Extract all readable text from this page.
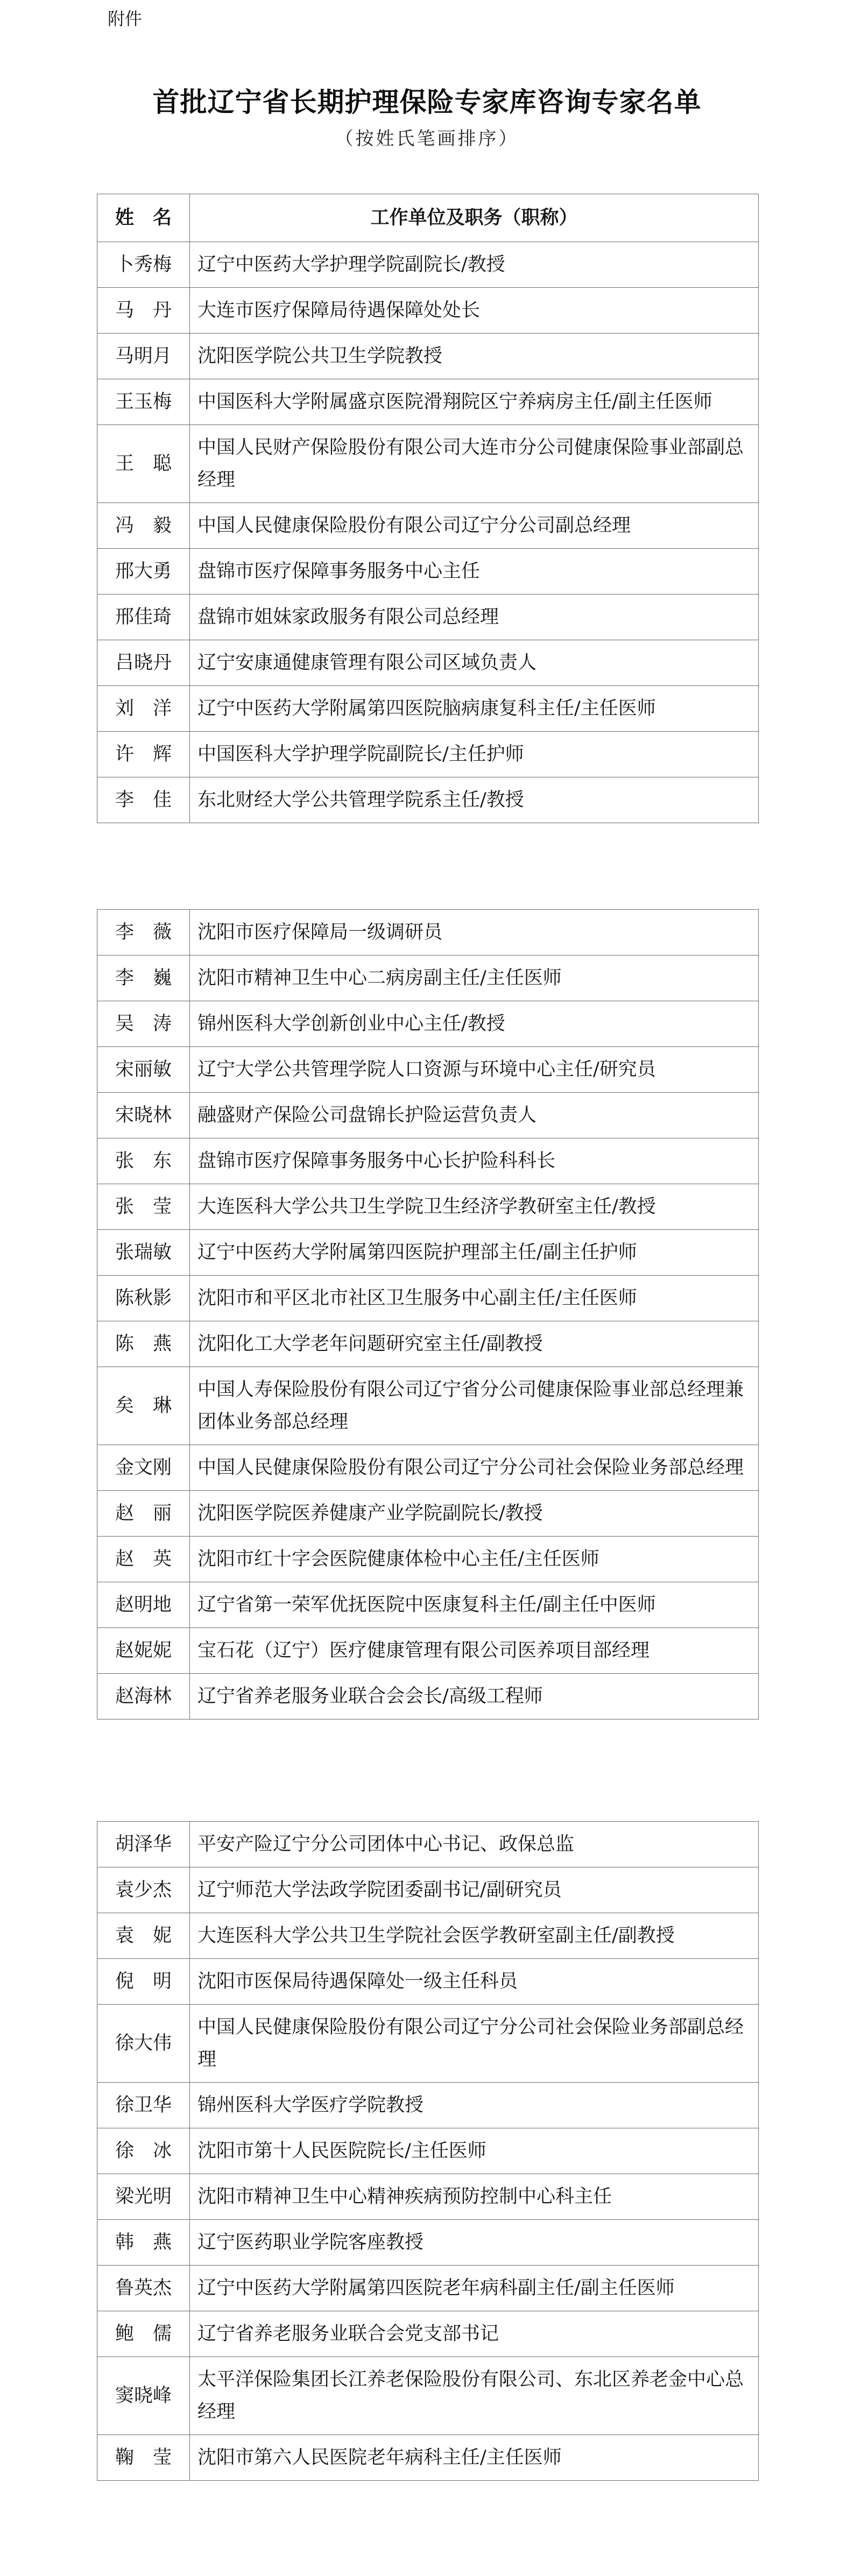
附件
首批辽宁省长期护理保险专家库咨询专家名单
（按姓氏笔画排序）
姓　名	工作单位及职务（职称）
卜秀梅	辽宁中医药大学护理学院副院长/教授
马　丹	大连市医疗保障局待遇保障处处长
马明月	沈阳医学院公共卫生学院教授
王玉梅	中国医科大学附属盛京医院滑翔院区宁养病房主任/副主任医师
王　聪	中国人民财产保险股份有限公司大连市分公司健康保险事业部副总经理
冯　毅	中国人民健康保险股份有限公司辽宁分公司副总经理
邢大勇	盘锦市医疗保障事务服务中心主任
邢佳琦	盘锦市姐妹家政服务有限公司总经理
吕晓丹	辽宁安康通健康管理有限公司区域负责人
刘　洋	辽宁中医药大学附属第四医院脑病康复科主任/主任医师
许　辉	中国医科大学护理学院副院长/主任护师
李　佳	东北财经大学公共管理学院系主任/教授
李　薇	沈阳市医疗保障局一级调研员
李　巍	沈阳市精神卫生中心二病房副主任/主任医师
吴　涛	锦州医科大学创新创业中心主任/教授
宋丽敏	辽宁大学公共管理学院人口资源与环境中心主任/研究员
宋晓林	融盛财产保险公司盘锦长护险运营负责人
张　东	盘锦市医疗保障事务服务中心长护险科科长
张　莹	大连医科大学公共卫生学院卫生经济学教研室主任/教授
张瑞敏	辽宁中医药大学附属第四医院护理部主任/副主任护师
陈秋影	沈阳市和平区北市社区卫生服务中心副主任/主任医师
陈　燕	沈阳化工大学老年问题研究室主任/副教授
矣　琳	中国人寿保险股份有限公司辽宁省分公司健康保险事业部总经理兼团体业务部总经理
金文刚	中国人民健康保险股份有限公司辽宁分公司社会保险业务部总经理
赵　丽	沈阳医学院医养健康产业学院副院长/教授
赵　英	沈阳市红十字会医院健康体检中心主任/主任医师
赵明地	辽宁省第一荣军优抚医院中医康复科主任/副主任中医师
赵妮妮	宝石花（辽宁）医疗健康管理有限公司医养项目部经理
赵海林	辽宁省养老服务业联合会会长/高级工程师
胡泽华	平安产险辽宁分公司团体中心书记、政保总监
袁少杰	辽宁师范大学法政学院团委副书记/副研究员
袁　妮	大连医科大学公共卫生学院社会医学教研室副主任/副教授
倪　明	沈阳市医保局待遇保障处一级主任科员
徐大伟	中国人民健康保险股份有限公司辽宁分公司社会保险业务部副总经理
徐卫华	锦州医科大学医疗学院教授
徐　冰	沈阳市第十人民医院院长/主任医师
梁光明	沈阳市精神卫生中心精神疾病预防控制中心科主任
韩　燕	辽宁医药职业学院客座教授
鲁英杰	辽宁中医药大学附属第四医院老年病科副主任/副主任医师
鲍　儒	辽宁省养老服务业联合会党支部书记
窦晓峰	太平洋保险集团长江养老保险股份有限公司、东北区养老金中心总经理
鞠　莹	沈阳市第六人民医院老年病科主任/主任医师
